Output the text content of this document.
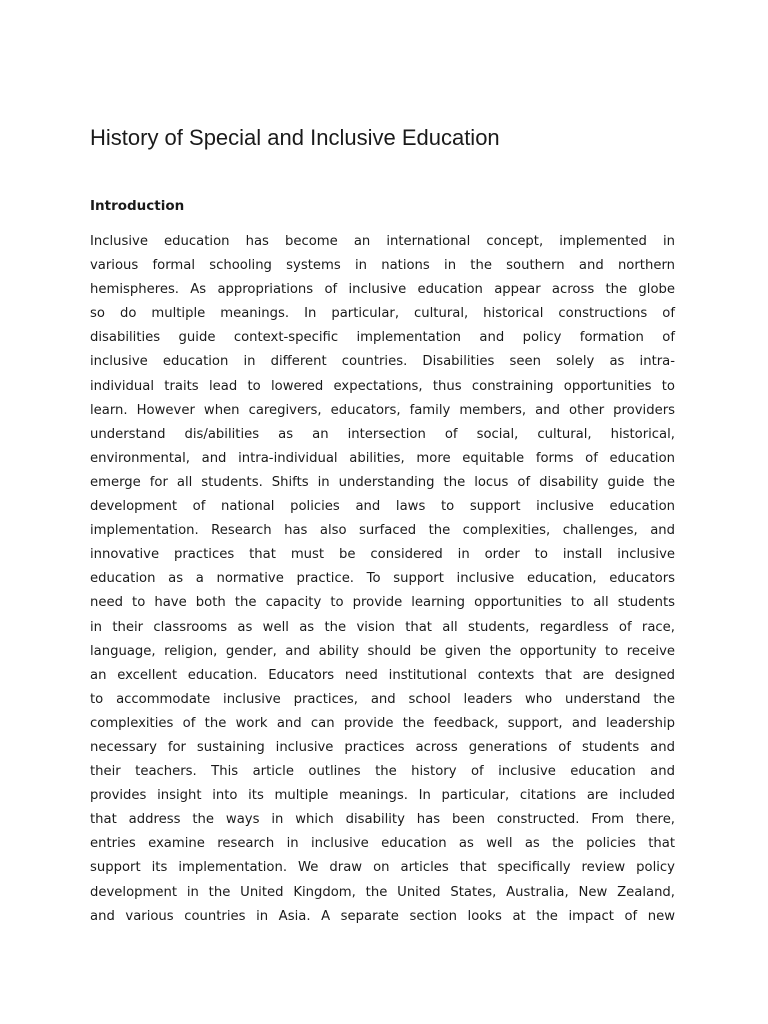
History of Special and Inclusive Education
Introduction
Inclusive education has become an international concept, implemented in
various formal schooling systems in nations in the southern and northern
hemispheres. As appropriations of inclusive education appear across the globe
so do multiple meanings. In particular, cultural, historical constructions of
disabilities guide context-specific implementation and policy formation of
inclusive education in different countries. Disabilities seen solely as intra-
individual traits lead to lowered expectations, thus constraining opportunities to
learn. However when caregivers, educators, family members, and other providers
understand dis/abilities as an intersection of social, cultural, historical,
environmental, and intra-individual abilities, more equitable forms of education
emerge for all students. Shifts in understanding the locus of disability guide the
development of national policies and laws to support inclusive education
implementation. Research has also surfaced the complexities, challenges, and
innovative practices that must be considered in order to install inclusive
education as a normative practice. To support inclusive education, educators
need to have both the capacity to provide learning opportunities to all students
in their classrooms as well as the vision that all students, regardless of race,
language, religion, gender, and ability should be given the opportunity to receive
an excellent education. Educators need institutional contexts that are designed
to accommodate inclusive practices, and school leaders who understand the
complexities of the work and can provide the feedback, support, and leadership
necessary for sustaining inclusive practices across generations of students and
their teachers. This article outlines the history of inclusive education and
provides insight into its multiple meanings. In particular, citations are included
that address the ways in which disability has been constructed. From there,
entries examine research in inclusive education as well as the policies that
support its implementation. We draw on articles that specifically review policy
development in the United Kingdom, the United States, Australia, New Zealand,
and various countries in Asia. A separate section looks at the impact of new
